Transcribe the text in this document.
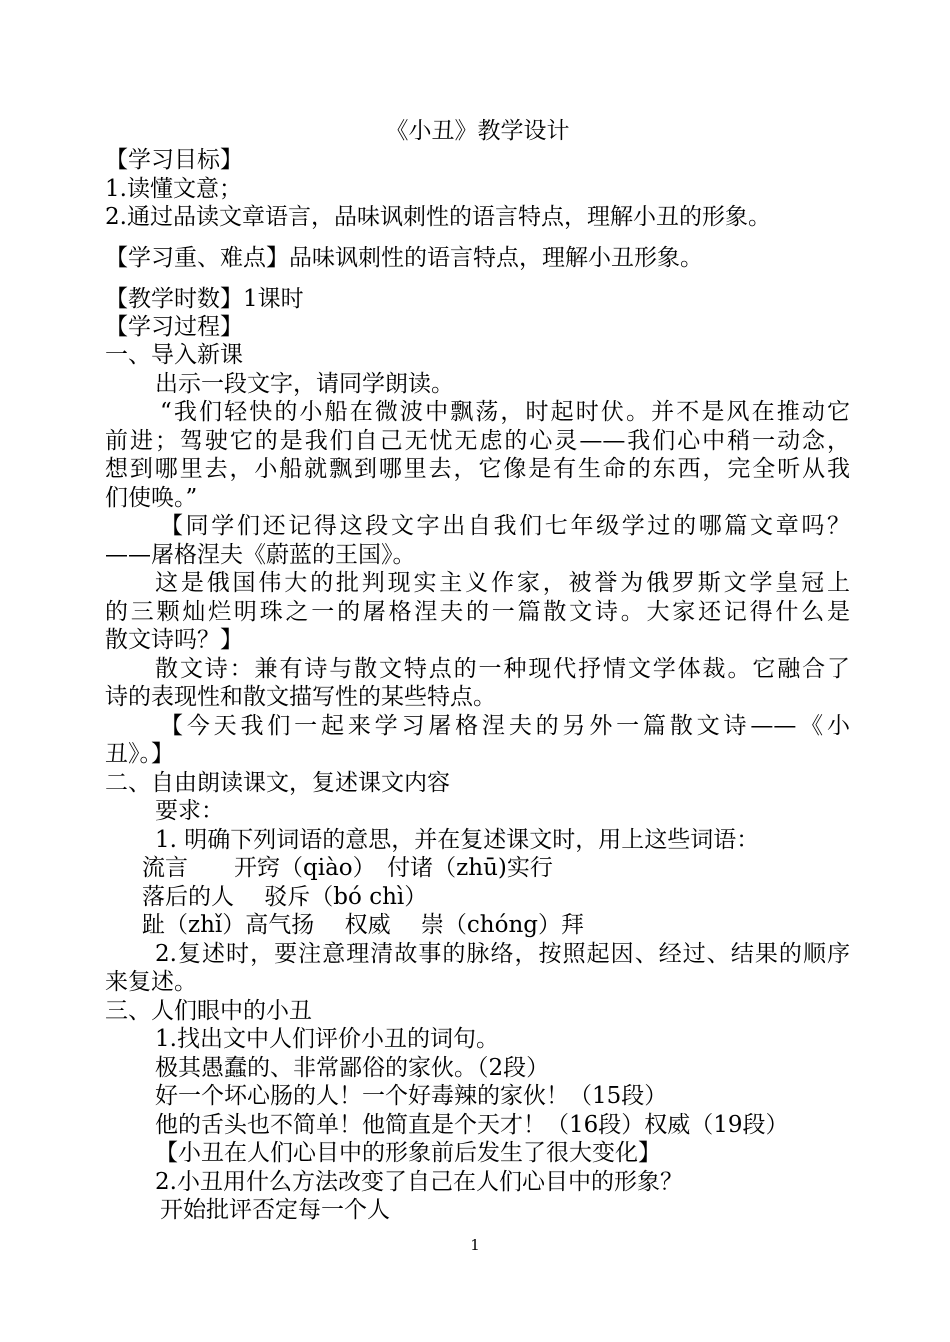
《小丑》教学设计
【学习目标】
1.读懂文意；
2.通过品读文章语言，品味讽刺性的语言特点，理解小丑的形象。
【学习重、难点】品味讽刺性的语言特点，理解小丑形象。
【教学时数】1课时
【学习过程】
一、导入新课
出示一段文字，请同学朗读。
“我们轻快的小船在微波中飘荡，时起时伏。并不是风在推动它
前进；驾驶它的是我们自己无忧无虑的心灵——我们心中稍一动念，
想到哪里去，小船就飘到哪里去，它像是有生命的东西，完全听从我
们使唤。”
【同学们还记得这段文字出自我们七年级学过的哪篇文章吗？
——屠格涅夫《蔚蓝的王国》。
这是俄国伟大的批判现实主义作家，被誉为俄罗斯文学皇冠上
的三颗灿烂明珠之一的屠格涅夫的一篇散文诗。大家还记得什么是
散文诗吗？】
散文诗：兼有诗与散文特点的一种现代抒情文学体裁。它融合了
诗的表现性和散文描写性的某些特点。
【今天我们一起来学习屠格涅夫的另外一篇散文诗——《小
丑》。】
二、自由朗读课文，复述课文内容
要求：
1. 明确下列词语的意思，并在复述课文时，用上这些词语：
流言　　开窍（qiào）　付诸（zhū)实行
落后的人　 驳斥（bó chì）
趾（zhǐ）高气扬　 权威　 崇（chóng）拜
2.复述时，要注意理清故事的脉络，按照起因、经过、结果的顺序
来复述。
三、人们眼中的小丑
1.找出文中人们评价小丑的词句。
极其愚蠢的、非常鄙俗的家伙。（2段）
好一个坏心肠的人！一个好毒辣的家伙！（15段）
他的舌头也不简单！他简直是个天才！（16段）权威（19段）
【小丑在人们心目中的形象前后发生了很大变化】
2.小丑用什么方法改变了自己在人们心目中的形象？
开始批评否定每一个人
1
